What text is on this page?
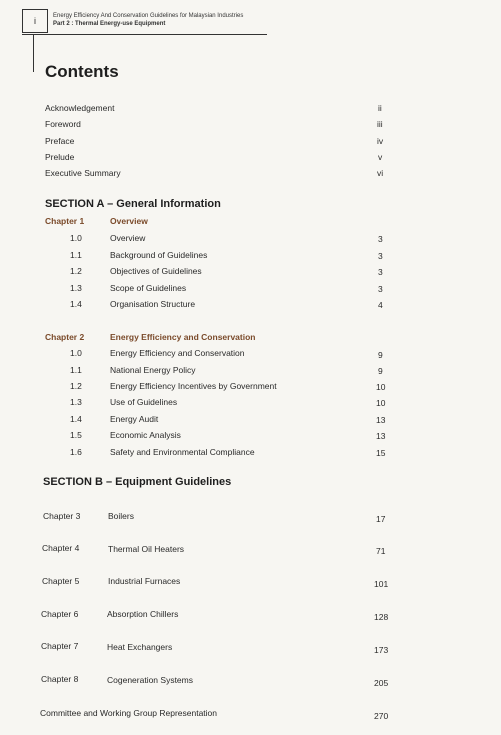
i	Energy Efficiency And Conservation Guidelines for Malaysian Industries
Part 2 : Thermal Energy-use Equipment
Contents
Acknowledgement	ii
Foreword	iii
Preface	iv
Prelude	v
Executive Summary	vi
SECTION A – General Information
Chapter 1	Overview
1.0	Overview	3
1.1	Background of Guidelines	3
1.2	Objectives of Guidelines	3
1.3	Scope of Guidelines	3
1.4	Organisation Structure	4
Chapter 2	Energy Efficiency and Conservation
1.0	Energy Efficiency and Conservation	9
1.1	National Energy Policy	9
1.2	Energy Efficiency Incentives by Government	10
1.3	Use of Guidelines	10
1.4	Energy Audit	13
1.5	Economic Analysis	13
1.6	Safety and Environmental Compliance	15
SECTION B – Equipment Guidelines
Chapter 3	Boilers	17
Chapter 4	Thermal Oil Heaters	71
Chapter 5	Industrial Furnaces	101
Chapter 6	Absorption Chillers	128
Chapter 7	Heat Exchangers	173
Chapter 8	Cogeneration Systems	205
Committee and Working Group Representation	270
